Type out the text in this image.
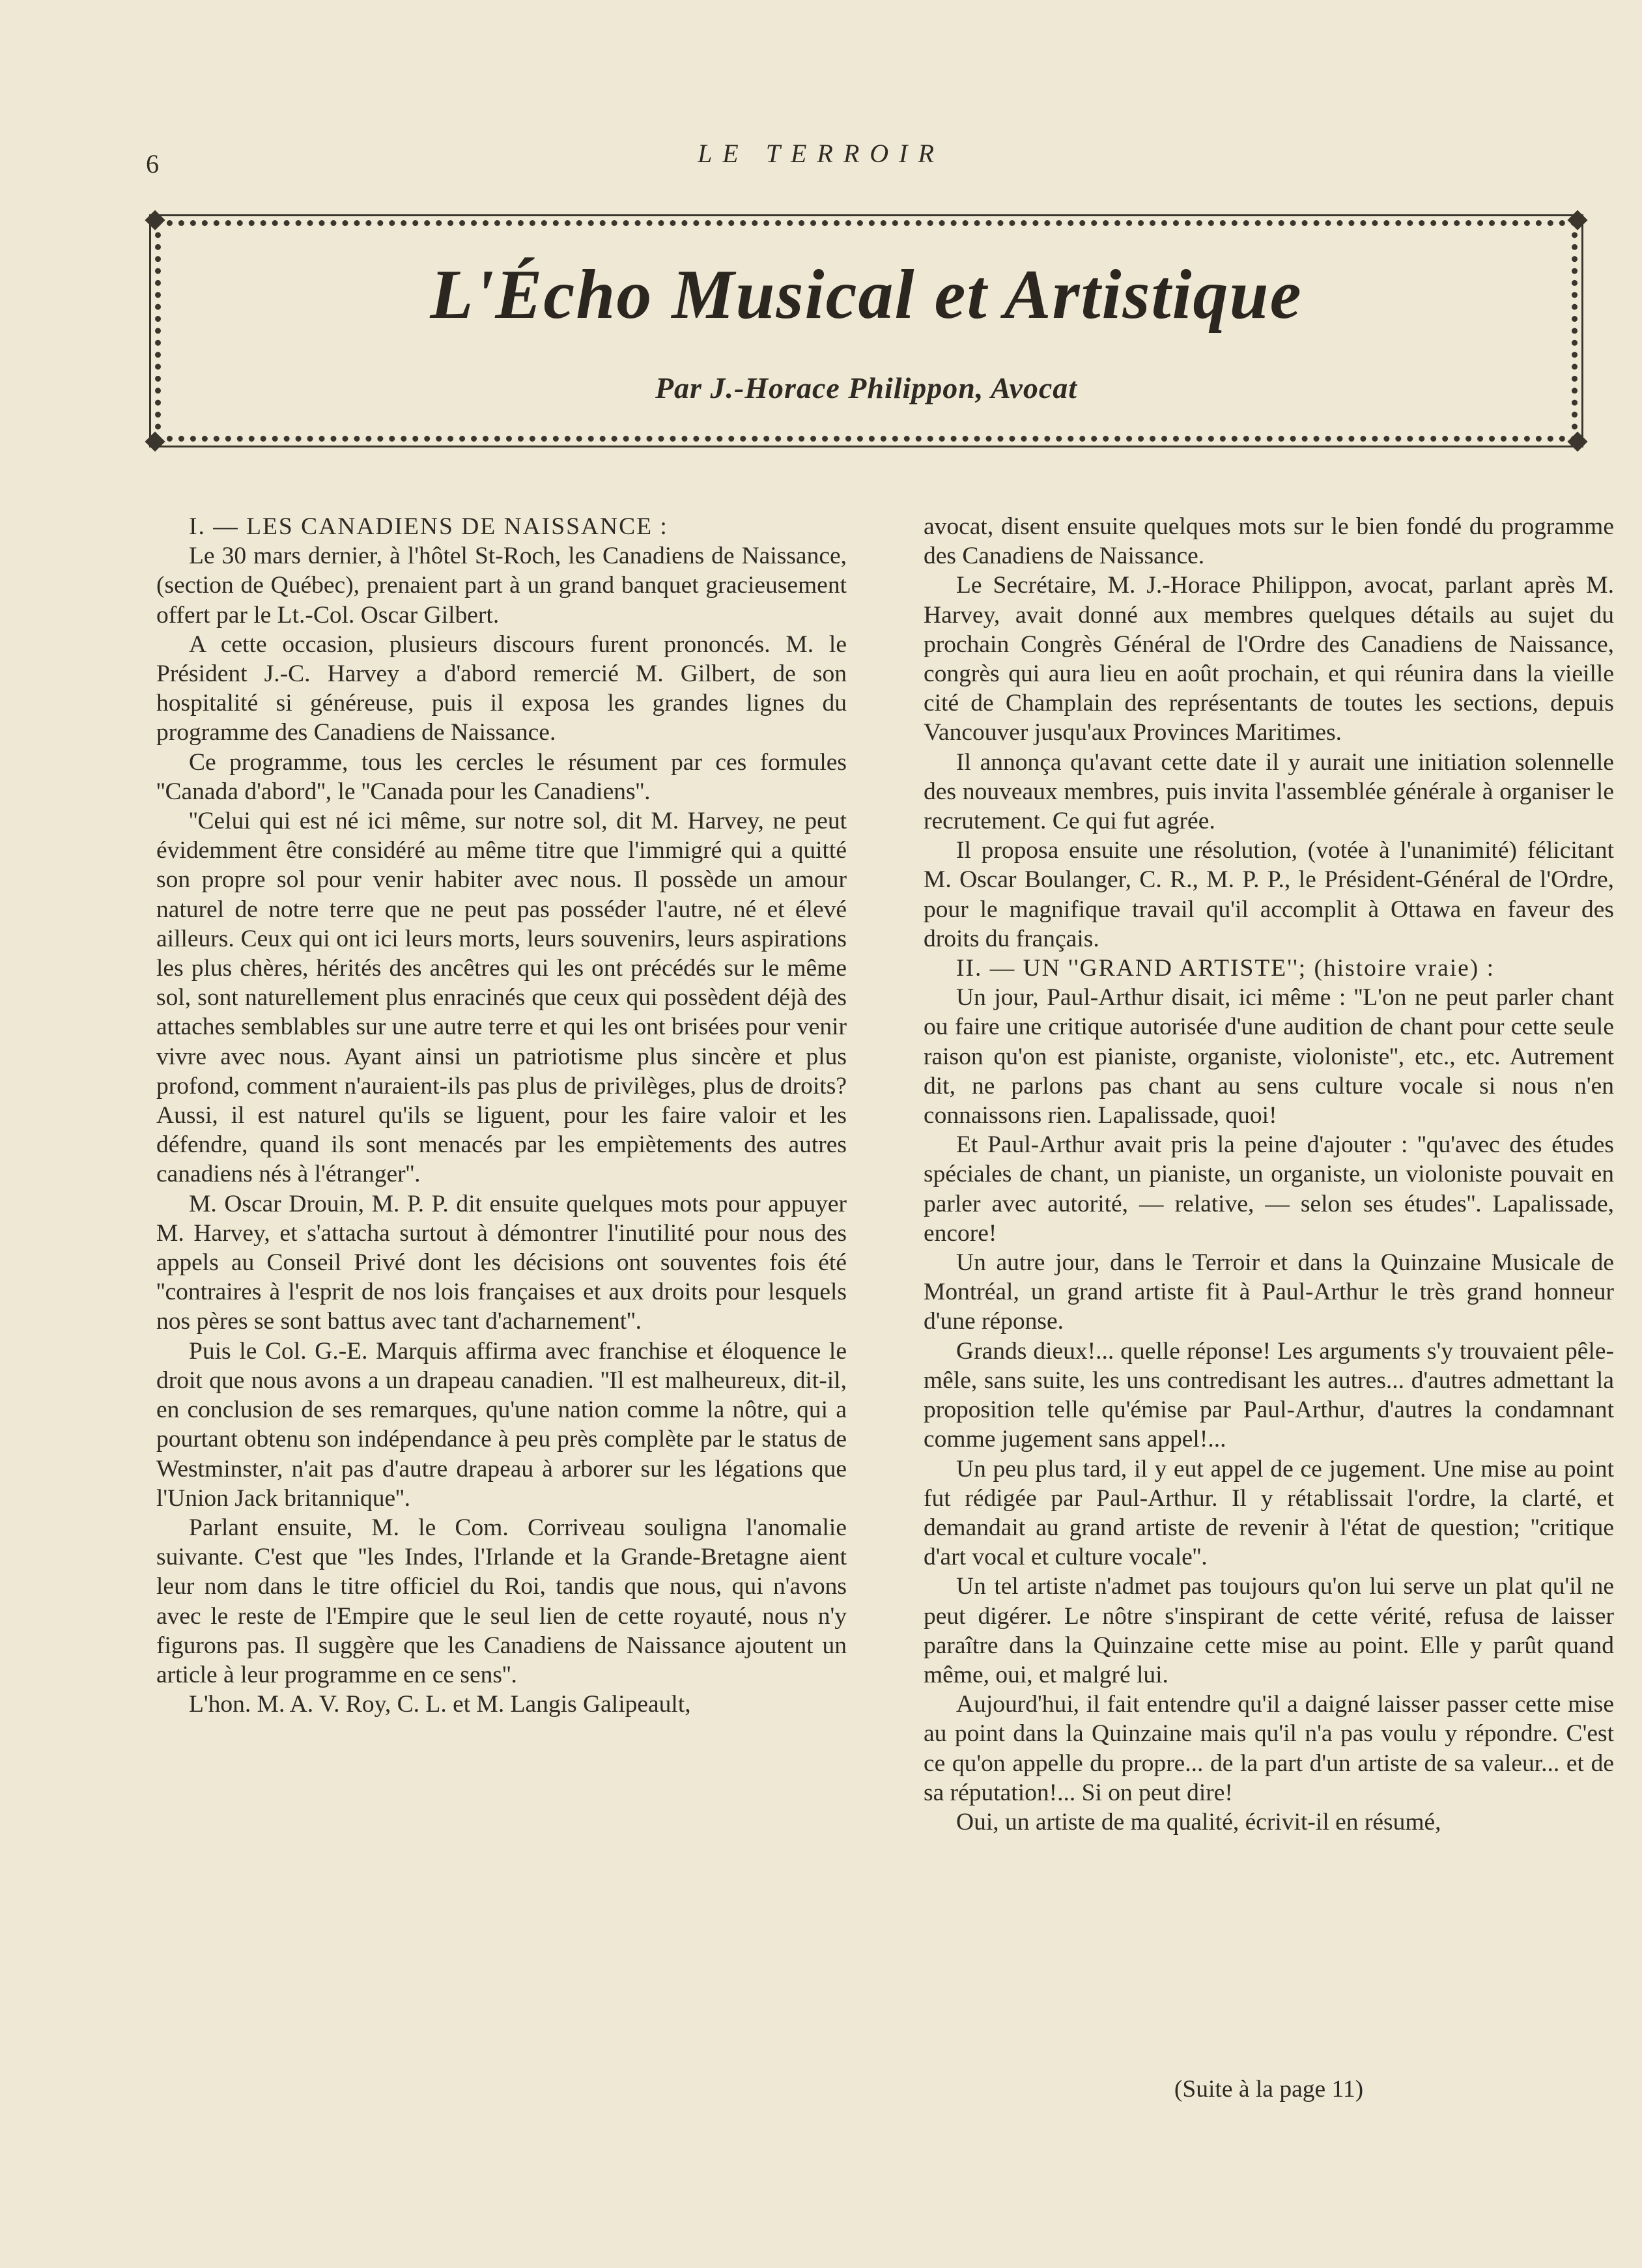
6	LE TERROIR
L'Écho Musical et Artistique
Par J.-Horace Philippon, Avocat

I. — LES CANADIENS DE NAISSANCE :

Le 30 mars dernier, à l'hôtel St-Roch, les Canadiens de Naissance, (section de Québec), prenaient part à un grand banquet gracieusement offert par le Lt.-Col. Oscar Gilbert.

A cette occasion, plusieurs discours furent prononcés. M. le Président J.-C. Harvey a d'abord remercié M. Gilbert, de son hospitalité si généreuse, puis il exposa les grandes lignes du programme des Canadiens de Naissance.

Ce programme, tous les cercles le résument par ces formules ''Canada d'abord'', le ''Canada pour les Canadiens''.

''Celui qui est né ici même, sur notre sol, dit M. Harvey, ne peut évidemment être considéré au même titre que l'immigré qui a quitté son propre sol pour venir habiter avec nous. Il possède un amour naturel de notre terre que ne peut pas posséder l'autre, né et élevé ailleurs. Ceux qui ont ici leurs morts, leurs souvenirs, leurs aspirations les plus chères, hérités des ancêtres qui les ont précédés sur le même sol, sont naturellement plus enracinés que ceux qui possèdent déjà des attaches semblables sur une autre terre et qui les ont brisées pour venir vivre avec nous. Ayant ainsi un patriotisme plus sincère et plus profond, comment n'auraient-ils pas plus de privilèges, plus de droits? Aussi, il est naturel qu'ils se liguent, pour les faire valoir et les défendre, quand ils sont menacés par les empiètements des autres canadiens nés à l'étranger''.

M. Oscar Drouin, M. P. P. dit ensuite quelques mots pour appuyer M. Harvey, et s'attacha surtout à démontrer l'inutilité pour nous des appels au Conseil Privé dont les décisions ont souventes fois été ''contraires à l'esprit de nos lois françaises et aux droits pour lesquels nos pères se sont battus avec tant d'acharnement''.

Puis le Col. G.-E. Marquis affirma avec franchise et éloquence le droit que nous avons a un drapeau canadien. ''Il est malheureux, dit-il, en conclusion de ses remarques, qu'une nation comme la nôtre, qui a pourtant obtenu son indépendance à peu près complète par le status de Westminster, n'ait pas d'autre drapeau à arborer sur les légations que l'Union Jack britannique''.

Parlant ensuite, M. le Com. Corriveau souligna l'anomalie suivante. C'est que ''les Indes, l'Irlande et la Grande-Bretagne aient leur nom dans le titre officiel du Roi, tandis que nous, qui n'avons avec le reste de l'Empire que le seul lien de cette royauté, nous n'y figurons pas. Il suggère que les Canadiens de Naissance ajoutent un article à leur programme en ce sens''.

L'hon. M. A. V. Roy, C. L. et M. Langis Galipeault,

avocat, disent ensuite quelques mots sur le bien fondé du programme des Canadiens de Naissance.

Le Secrétaire, M. J.-Horace Philippon, avocat, parlant après M. Harvey, avait donné aux membres quelques détails au sujet du prochain Congrès Général de l'Ordre des Canadiens de Naissance, congrès qui aura lieu en août prochain, et qui réunira dans la vieille cité de Champlain des représentants de toutes les sections, depuis Vancouver jusqu'aux Provinces Maritimes.

Il annonça qu'avant cette date il y aurait une initiation solennelle des nouveaux membres, puis invita l'assemblée générale à organiser le recrutement. Ce qui fut agrée.

Il proposa ensuite une résolution, (votée à l'unanimité) félicitant M. Oscar Boulanger, C. R., M. P. P., le Président-Général de l'Ordre, pour le magnifique travail qu'il accomplit à Ottawa en faveur des droits du français.

II. — UN ''GRAND ARTISTE''; (histoire vraie) :

Un jour, Paul-Arthur disait, ici même : ''L'on ne peut parler chant ou faire une critique autorisée d'une audition de chant pour cette seule raison qu'on est pianiste, organiste, violoniste'', etc., etc. Autrement dit, ne parlons pas chant au sens culture vocale si nous n'en connaissons rien. Lapalissade, quoi!

Et Paul-Arthur avait pris la peine d'ajouter : ''qu'avec des études spéciales de chant, un pianiste, un organiste, un violoniste pouvait en parler avec autorité, — relative, — selon ses études''. Lapalissade, encore!

Un autre jour, dans le Terroir et dans la Quinzaine Musicale de Montréal, un grand artiste fit à Paul-Arthur le très grand honneur d'une réponse.

Grands dieux!... quelle réponse! Les arguments s'y trouvaient pêle-mêle, sans suite, les uns contredisant les autres... d'autres admettant la proposition telle qu'émise par Paul-Arthur, d'autres la condamnant comme jugement sans appel!...

Un peu plus tard, il y eut appel de ce jugement. Une mise au point fut rédigée par Paul-Arthur. Il y rétablissait l'ordre, la clarté, et demandait au grand artiste de revenir à l'état de question; ''critique d'art vocal et culture vocale''.

Un tel artiste n'admet pas toujours qu'on lui serve un plat qu'il ne peut digérer. Le nôtre s'inspirant de cette vérité, refusa de laisser paraître dans la Quinzaine cette mise au point. Elle y parût quand même, oui, et malgré lui.

Aujourd'hui, il fait entendre qu'il a daigné laisser passer cette mise au point dans la Quinzaine mais qu'il n'a pas voulu y répondre. C'est ce qu'on appelle du propre... de la part d'un artiste de sa valeur... et de sa réputation!... Si on peut dire!

Oui, un artiste de ma qualité, écrivit-il en résumé,

(Suite à la page 11)
